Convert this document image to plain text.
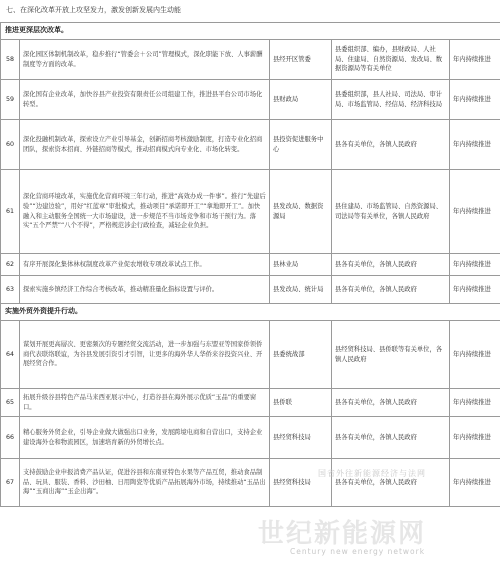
七、在深化改革开放上攻坚发力，激发创新发展内生动能
推进更深层次改革。				
58	深化园区体制机制改革，稳步推行“管委会＋公司”管理模式，深化职能下放、人事薪酬制度等方面的改革。	县经开区管委	县委组织部、编办，县财政局、人社局、住建局、自然资源局、发改局、数据资源局等有关单位	年内持续推进
59	深化国有企业改革，加快谷县产业投资有限责任公司组建工作，推进县平台公司市场化转型。	县财政局	县委组织部，县人社局、司法局、审计局、市场监管局、经信局、经济科技局	年内持续推进
60	深化投融机制改革，探索设立产业引导基金，创新招商考核激励制度，打造专业化招商团队，探索资本招商、外链招商等模式，推动招商模式向专业化、市场化转变。	县投资促进服务中心	县各有关单位，各镇人民政府	年内持续推进
61	深化营商环境改革，实施优化营商环境三年行动，推进“高效办成一件事”。推行“先建后验”“边建边验”，用好“红蓝章”审批模式，推动项目“承诺即开工”“拿地即开工”。加快融入和主动服务全国统一大市场建设，进一步规范不当市场竞争和市场干预行为。落实“五个严禁”“八个不得”，严格规范涉企行政检查，减轻企业负担。	县发改局、数据资源局	县住建局、市场监管局、自然资源局、司法局等有关单位，各镇人民政府	年内持续推进
62	有序开展深化集体林权制度改革产业促农增收专项改革试点工作。	县林业局	县各有关单位，各镇人民政府	年内持续推进
63	探索实施乡镇经济工作综合考核改革，推动精准量化指标设置与评价。	县发改局、统计局	县各有关单位，各镇人民政府	年内持续推进
实施外贸外资提升行动。				
64	谋划开展更高層次、更密频次的专题经贸交流活动，进一步加强与东盟亚等国家侨领侨商代表联络联谊，为谷县发展引资引才引智，让更多的海外华人华侨来谷投资兴业、开展经贸合作。	县委统战部	县经贸科技局、县侨联等有关单位，各镇人民政府	年内持续推进
65	拓展升级谷县特色产品马来西亚展示中心，打造谷县在海外展示优质“玉品”的重要窗口。	县侨联	县各有关单位，各镇人民政府	年内持续推进
66	精心服务外贸企业，引导企业做大做强出口业务，发展跨境电商和自营出口，支持企业建设海外仓和物流园区，加速培育新的外贸增长点。	县经贸科技局	县各有关单位，各镇人民政府	年内持续推进
67	支持鼓励企业申报消费产品认证，促进谷县和东南亚特色水果等产品互贸，推动食品制品、玩具、服装、香料、沙田柚、日用陶瓷等优质产品拓展海外市场，持续推动“玉品出海”“玉商出海”“玉企出海”。	县经贸科技局	县各有关单位，各镇人民政府	年内持续推进
国省外往新能源经济与法网
世纪新能源网
Century new energy network
